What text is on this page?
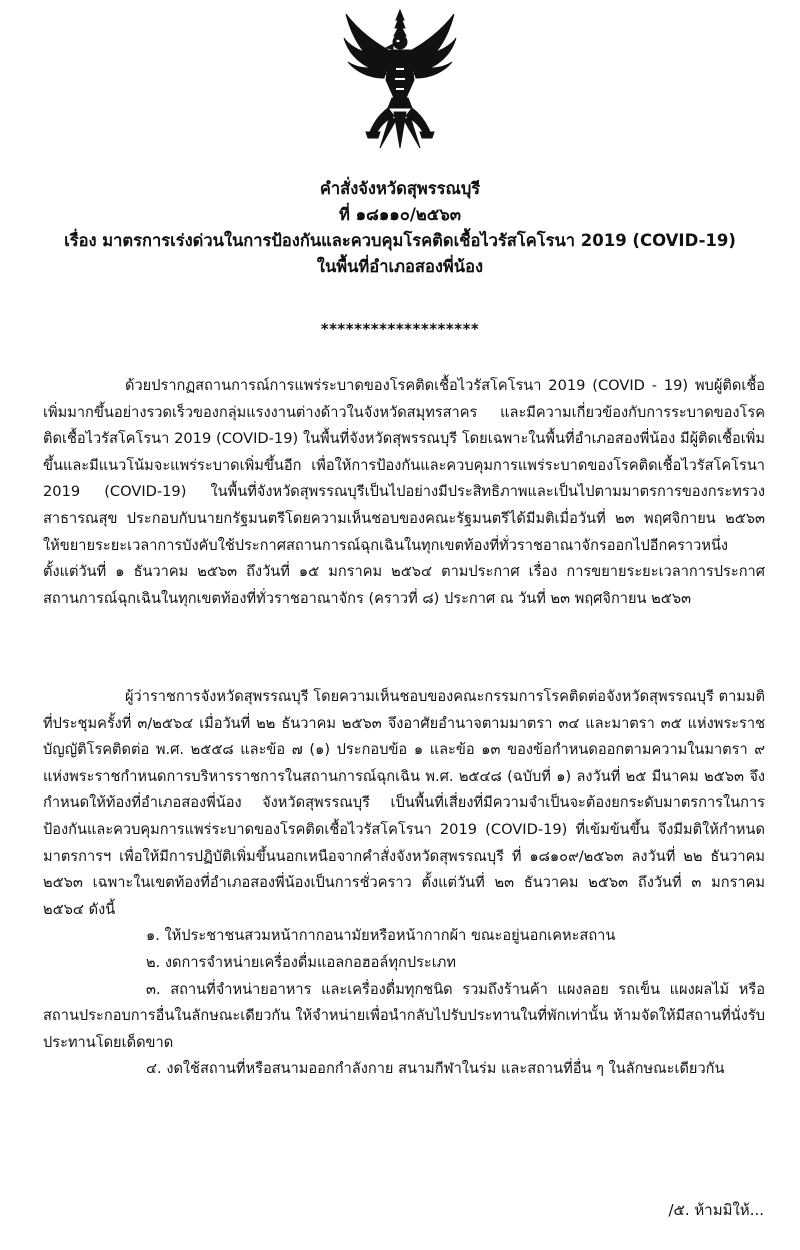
คำสั่งจังหวัดสุพรรณบุรี

ที่ ๑๘๑๑๐/๒๕๖๓

เรื่อง มาตรการเร่งด่วนในการป้องกันและควบคุมโรคติดเชื้อไวรัสโคโรนา 2019 (COVID-19)

ในพื้นที่อำเภอสองพี่น้อง

*******************

ด้วยปรากฏสถานการณ์การแพร่ระบาดของโรคติดเชื้อไวรัสโคโรนา 2019 (COVID - 19) พบผู้ติดเชื้อเพิ่มมากขึ้นอย่างรวดเร็วของกลุ่มแรงงานต่างด้าวในจังหวัดสมุทรสาคร และมีความเกี่ยวข้องกับการระบาดของโรคติดเชื้อไวรัสโคโรนา 2019 (COVID-19) ในพื้นที่จังหวัดสุพรรณบุรี โดยเฉพาะในพื้นที่อำเภอสองพี่น้อง มีผู้ติดเชื้อเพิ่มขึ้นและมีแนวโน้มจะแพร่ระบาดเพิ่มขึ้นอีก เพื่อให้การป้องกันและควบคุมการแพร่ระบาดของโรคติดเชื้อไวรัสโคโรนา 2019 (COVID-19) ในพื้นที่จังหวัดสุพรรณบุรีเป็นไปอย่างมีประสิทธิภาพและเป็นไปตามมาตรการของกระทรวงสาธารณสุข ประกอบกับนายกรัฐมนตรีโดยความเห็นชอบของคณะรัฐมนตรีได้มีมติเมื่อวันที่ ๒๓ พฤศจิกายน ๒๕๖๓ ให้ขยายระยะเวลาการบังคับใช้ประกาศสถานการณ์ฉุกเฉินในทุกเขตท้องที่ทั่วราชอาณาจักรออกไปอีกคราวหนึ่ง ตั้งแต่วันที่ ๑ ธันวาคม ๒๕๖๓ ถึงวันที่ ๑๕ มกราคม ๒๕๖๔ ตามประกาศ เรื่อง การขยายระยะเวลาการประกาศสถานการณ์ฉุกเฉินในทุกเขตท้องที่ทั่วราชอาณาจักร (คราวที่ ๘) ประกาศ ณ วันที่ ๒๓ พฤศจิกายน ๒๕๖๓

ผู้ว่าราชการจังหวัดสุพรรณบุรี โดยความเห็นชอบของคณะกรรมการโรคติดต่อจังหวัดสุพรรณบุรี ตามมติที่ประชุมครั้งที่ ๓/๒๕๖๔ เมื่อวันที่ ๒๒ ธันวาคม ๒๕๖๓ จึงอาศัยอำนาจตามมาตรา ๓๔ และมาตรา ๓๕ แห่งพระราชบัญญัติโรคติดต่อ พ.ศ. ๒๕๕๘ และข้อ ๗ (๑) ประกอบข้อ ๑ และข้อ ๑๓ ของข้อกำหนดออกตามความในมาตรา ๙ แห่งพระราชกำหนดการบริหารราชการในสถานการณ์ฉุกเฉิน พ.ศ. ๒๕๔๘ (ฉบับที่ ๑) ลงวันที่ ๒๕ มีนาคม ๒๕๖๓ จึงกำหนดให้ท้องที่อำเภอสองพี่น้อง จังหวัดสุพรรณบุรี เป็นพื้นที่เสี่ยงที่มีความจำเป็นจะต้องยกระดับมาตรการในการป้องกันและควบคุมการแพร่ระบาดของโรคติดเชื้อไวรัสโคโรนา 2019 (COVID-19) ที่เข้มข้นขึ้น จึงมีมติให้กำหนดมาตรการฯ เพื่อให้มีการปฏิบัติเพิ่มขึ้นนอกเหนือจากคำสั่งจังหวัดสุพรรณบุรี ที่ ๑๘๑๐๙/๒๕๖๓ ลงวันที่ ๒๒ ธันวาคม ๒๕๖๓ เฉพาะในเขตท้องที่อำเภอสองพี่น้องเป็นการชั่วคราว ตั้งแต่วันที่ ๒๓ ธันวาคม ๒๕๖๓ ถึงวันที่ ๓ มกราคม ๒๕๖๔ ดังนี้

๑. ให้ประชาชนสวมหน้ากากอนามัยหรือหน้ากากผ้า ขณะอยู่นอกเคหะสถาน

๒. งดการจำหน่ายเครื่องดื่มแอลกอฮอล์ทุกประเภท

๓. สถานที่จำหน่ายอาหาร และเครื่องดื่มทุกชนิด รวมถึงร้านค้า แผงลอย รถเข็น แผงผลไม้ หรือสถานประกอบการอื่นในลักษณะเดียวกัน ให้จำหน่ายเพื่อนำกลับไปรับประทานในที่พักเท่านั้น ห้ามจัดให้มีสถานที่นั่งรับประทานโดยเด็ดขาด

๔. งดใช้สถานที่หรือสนามออกกำลังกาย สนามกีฬาในร่ม และสถานที่อื่น ๆ ในลักษณะเดียวกัน

/๕. ห้ามมิให้...
